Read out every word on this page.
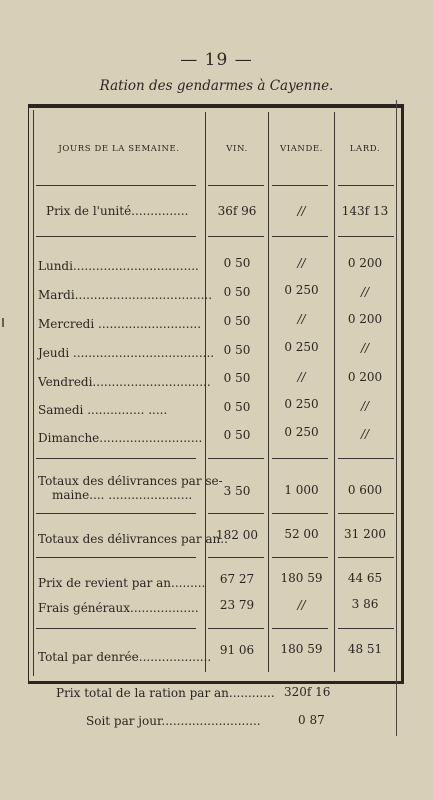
— 19 —
Ration des gendarmes à Cayenne.
JOURS DE LA SEMAINE.	VIN.	VIANDE.	LARD.
Prix de l'unité...............	36f 96	//	143f 13
Lundi.................................	0 50	//	0 200
Mardi.................................... 0 50	0 250	//
Mercredi ...........................	0 50	//	0 200
Jeudi ..................................... 0 50	0 250	//
Vendredi...............................	0 50	//	0 200
Samedi ............... .....	0 50	0 250	//
Dimanche...........................	0 50	0 250	//
Totaux des délivrances par se-
maine.... ......................	3 50	1 000	0 600
Totaux des délivrances par an..
182 00	52 00	31 200
Prix de revient par an.........	67 27	180 59	44 65
Frais généraux..................	23 79	//	3 86
Total par denrée................... 91 06	180 59	48 51
Prix total de la ration par an............ 320f 16
Soit par jour..........................	0 87
